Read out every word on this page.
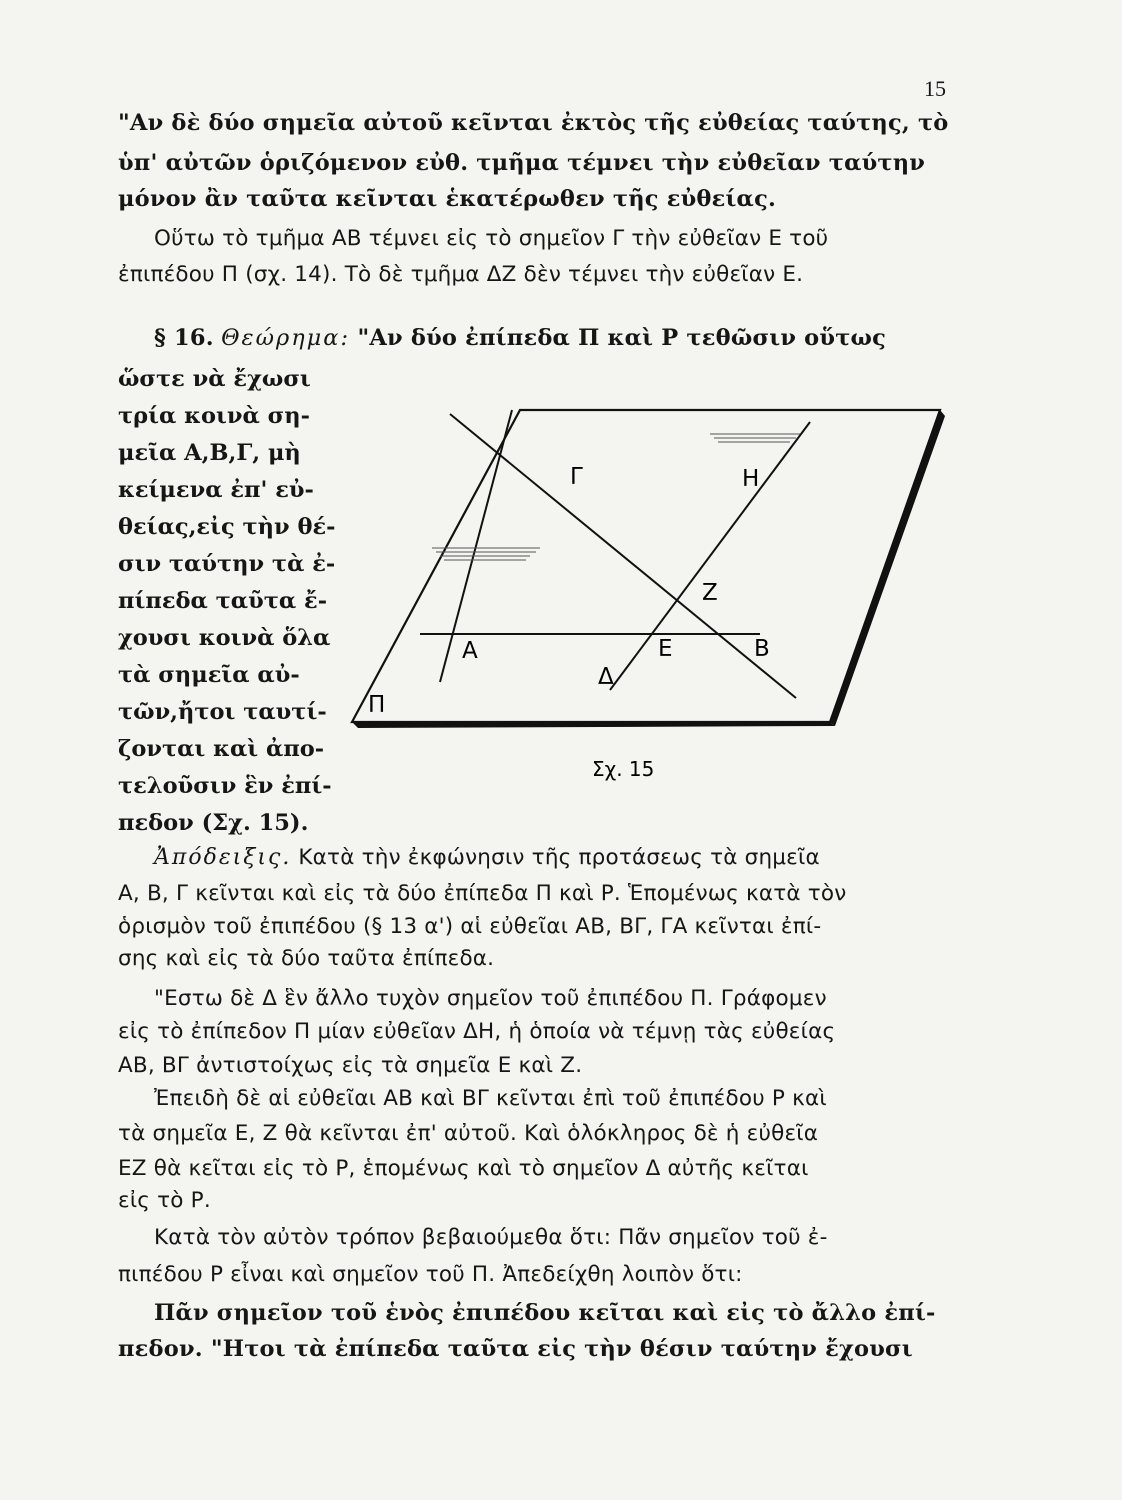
15
"Αν δὲ δύο σημεῖα αὐτοῦ κεῖνται ἐκτὸς τῆς εὐθείας ταύτης, τὸ
ὑπ' αὐτῶν ὁριζόμενον εὐθ. τμῆμα τέμνει τὴν εὐθεῖαν ταύτην
μόνον ἂν ταῦτα κεῖνται ἑκατέρωθεν τῆς εὐθείας.
Οὕτω τὸ τμῆμα ΑΒ τέμνει εἰς τὸ σημεῖον Γ τὴν εὐθεῖαν Ε τοῦ
ἐπιπέδου Π (σχ. 14). Τὸ δὲ τμῆμα ΔΖ δὲν τέμνει τὴν εὐθεῖαν Ε.
§ 16. Θεώρημα: "Αν δύο ἐπίπεδα Π καὶ Ρ τεθῶσιν οὕτως
ὥστε νὰ ἔχωσι
τρία κοινὰ ση-
μεῖα Α,Β,Γ, μὴ
κείμενα ἐπ' εὐ-
θείας,εἰς τὴν θέ-
σιν ταύτην τὰ ἐ-
πίπεδα ταῦτα ἔ-
χουσι κοινὰ ὅλα
τὰ σημεῖα αὐ-
τῶν,ἤτοι ταυτί-
ζονται καὶ ἀπο-
τελοῦσιν ἓν ἐπί-
πεδον (Σχ. 15).
Γ	Η
Ζ
Α	Ε	Β
Δ
Π
Σχ. 15
Ἀπόδειξις. Κατὰ τὴν ἐκφώνησιν τῆς προτάσεως τὰ σημεῖα
Α, Β, Γ κεῖνται καὶ εἰς τὰ δύο ἐπίπεδα Π καὶ Ρ. Ἑπομένως κατὰ τὸν
ὁρισμὸν τοῦ ἐπιπέδου (§ 13 α') αἱ εὐθεῖαι ΑΒ, ΒΓ, ΓΑ κεῖνται ἐπί-
σης καὶ εἰς τὰ δύο ταῦτα ἐπίπεδα.
"Εστω δὲ Δ ἓν ἄλλο τυχὸν σημεῖον τοῦ ἐπιπέδου Π. Γράφομεν
εἰς τὸ ἐπίπεδον Π μίαν εὐθεῖαν ΔΗ, ἡ ὁποία νὰ τέμνῃ τὰς εὐθείας
ΑΒ, ΒΓ ἀντιστοίχως εἰς τὰ σημεῖα Ε καὶ Ζ.
Ἐπειδὴ δὲ αἱ εὐθεῖαι ΑΒ καὶ ΒΓ κεῖνται ἐπὶ τοῦ ἐπιπέδου Ρ καὶ
τὰ σημεῖα Ε, Ζ θὰ κεῖνται ἐπ' αὐτοῦ. Καὶ ὁλόκληρος δὲ ἡ εὐθεῖα
ΕΖ θὰ κεῖται εἰς τὸ Ρ, ἑπομένως καὶ τὸ σημεῖον Δ αὐτῆς κεῖται
εἰς τὸ Ρ.
Κατὰ τὸν αὐτὸν τρόπον βεβαιούμεθα ὅτι: Πᾶν σημεῖον τοῦ ἐ-
πιπέδου Ρ εἶναι καὶ σημεῖον τοῦ Π. Ἀπεδείχθη λοιπὸν ὅτι:
Πᾶν σημεῖον τοῦ ἑνὸς ἐπιπέδου κεῖται καὶ εἰς τὸ ἄλλο ἐπί-
πεδον. "Ητοι τὰ ἐπίπεδα ταῦτα εἰς τὴν θέσιν ταύτην ἔχουσι
